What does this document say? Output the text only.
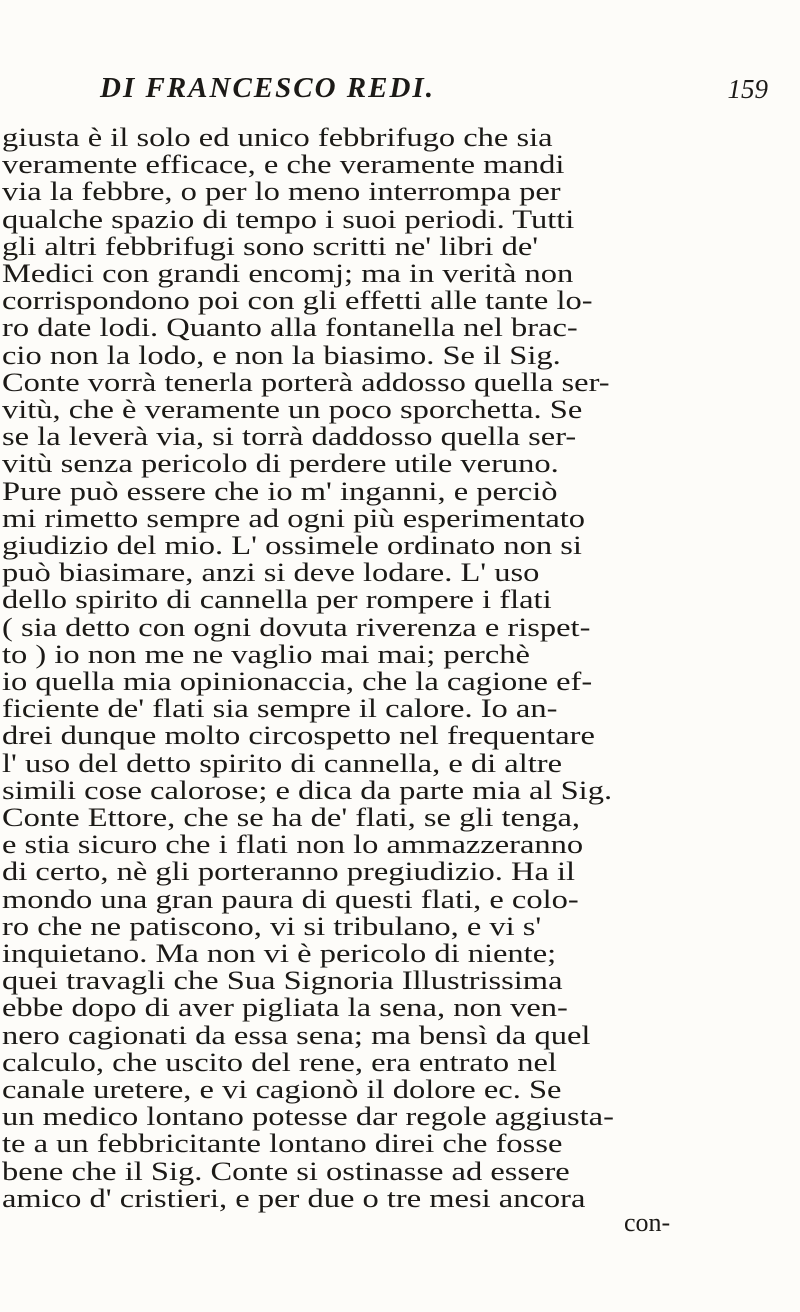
DI FRANCESCO REDI.	159
giusta è il solo ed unico febbrifugo che sia
veramente efficace, e che veramente mandi
via la febbre, o per lo meno interrompa per
qualche spazio di tempo i suoi periodi. Tutti
gli altri febbrifugi sono scritti ne' libri de'
Medici con grandi encomj; ma in verità non
corrispondono poi con gli effetti alle tante lo-
ro date lodi. Quanto alla fontanella nel brac-
cio non la lodo, e non la biasimo. Se il Sig.
Conte vorrà tenerla porterà addosso quella ser-
vitù, che è veramente un poco sporchetta. Se
se la leverà via, si torrà daddosso quella ser-
vitù senza pericolo di perdere utile veruno.
Pure può essere che io m' inganni, e perciò
mi rimetto sempre ad ogni più esperimentato
giudizio del mio. L' ossimele ordinato non si
può biasimare, anzi si deve lodare. L' uso
dello spirito di cannella per rompere i flati
( sia detto con ogni dovuta riverenza e rispet-
to ) io non me ne vaglio mai mai; perchè
io quella mia opinionaccia, che la cagione ef-
ficiente de' flati sia sempre il calore. Io an-
drei dunque molto circospetto nel frequentare
l' uso del detto spirito di cannella, e di altre
simili cose calorose; e dica da parte mia al Sig.
Conte Ettore, che se ha de' flati, se gli tenga,
e stia sicuro che i flati non lo ammazzeranno
di certo, nè gli porteranno pregiudizio. Ha il
mondo una gran paura di questi flati, e colo-
ro che ne patiscono, vi si tribulano, e vi s'
inquietano. Ma non vi è pericolo di niente;
quei travagli che Sua Signoria Illustrissima
ebbe dopo di aver pigliata la sena, non ven-
nero cagionati da essa sena; ma bensì da quel
calculo, che uscito del rene, era entrato nel
canale uretere, e vi cagionò il dolore ec. Se
un medico lontano potesse dar regole aggiusta-
te a un febbricitante lontano direi che fosse
bene che il Sig. Conte si ostinasse ad essere
amico d' cristieri, e per due o tre mesi ancora
con-
